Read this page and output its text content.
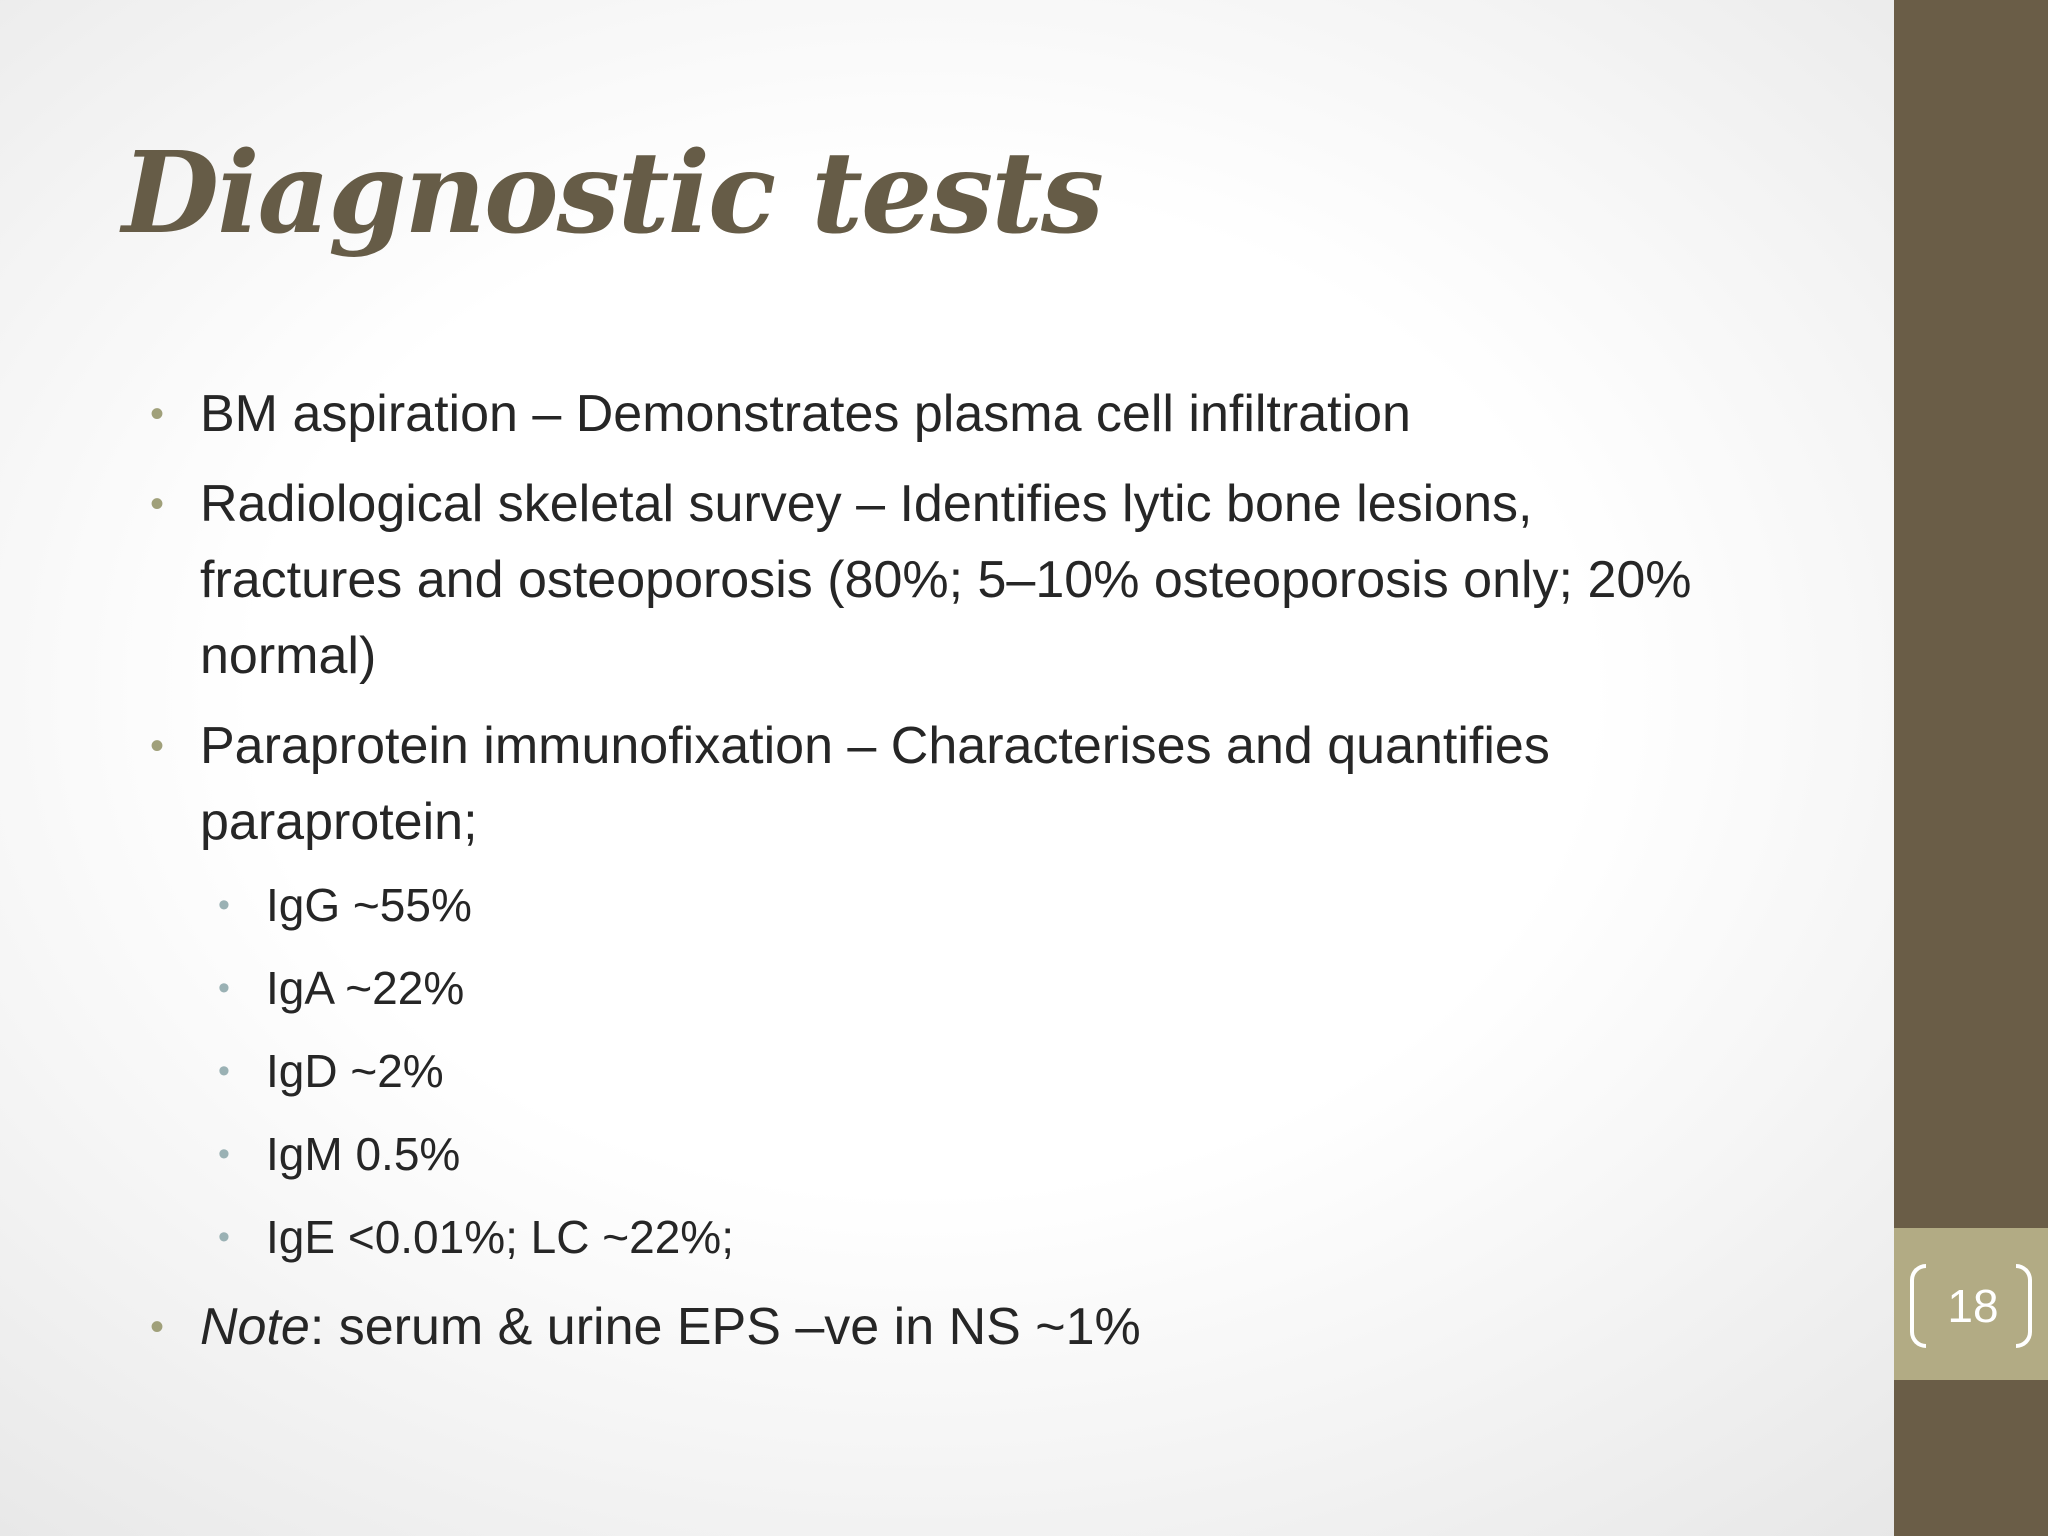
18
Diagnostic tests
• BM aspiration – Demonstrates plasma cell infiltration
• Radiological skeletal survey – Identifies lytic bone lesions, fractures and osteoporosis (80%; 5–10% osteoporosis only; 20% normal)
• Paraprotein immunofixation – Characterises and quantifies paraprotein;
• IgG ~55%
• IgA ~22%
• IgD ~2%
• IgM 0.5%
• IgE <0.01%; LC ~22%;
• Note: serum & urine EPS –ve in NS ~1%
